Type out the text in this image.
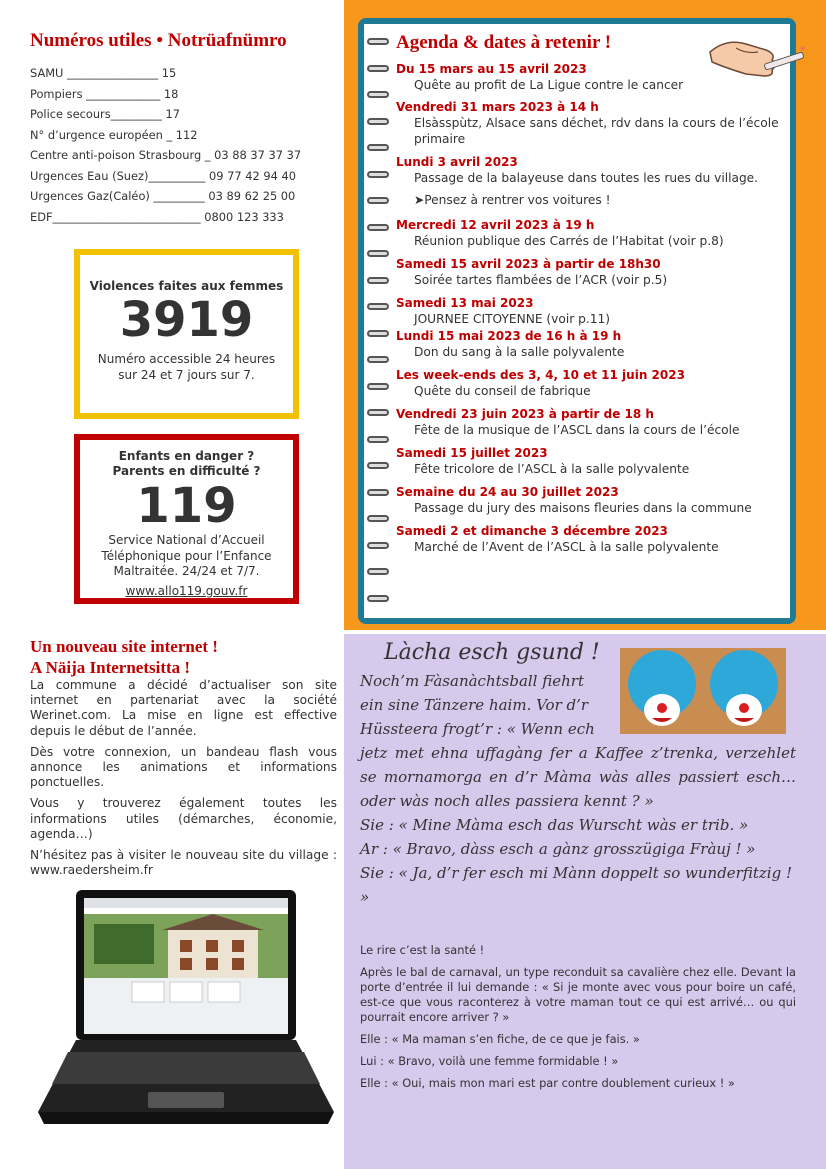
Numéros utiles • Notrüafnümro
SAMU ________________ 15
Pompiers _____________ 18
Police secours_________ 17
N° d’urgence européen _ 112
Centre anti-poison Strasbourg _ 03 88 37 37 37
Urgences Eau (Suez)__________ 09 77 42 94 40
Urgences Gaz(Caléo) _________ 03 89 62 25 00
EDF__________________________ 0800 123 333
Violences faites aux femmes
3919
Numéro accessible 24 heures sur 24 et 7 jours sur 7.
Enfants en danger ?
Parents en difficulté ?
119
Service National d’Accueil Téléphonique pour l’Enfance Maltraitée. 24/24 et 7/7.
www.allo119.gouv.fr
Agenda & dates à retenir !
Du 15 mars au 15 avril 2023
Quête au profit de La Ligue contre le cancer
Vendredi 31 mars 2023 à 14 h
Elsàsspùtz, Alsace sans déchet, rdv dans la cours de l’école primaire
Lundi 3 avril 2023
Passage de la balayeuse dans toutes les rues du village.
➤Pensez à rentrer vos voitures !
Mercredi 12 avril 2023 à 19 h
Réunion publique des Carrés de l’Habitat (voir p.8)
Samedi 15 avril 2023 à partir de 18h30
Soirée tartes flambées de l’ACR (voir p.5)
Samedi 13 mai 2023
JOURNEE CITOYENNE (voir p.11)
Lundi 15 mai 2023 de 16 h à 19 h
Don du sang à la salle polyvalente
Les week-ends des 3, 4, 10 et 11 juin 2023
Quête du conseil de fabrique
Vendredi 23 juin 2023 à partir de 18 h
Fête de la musique de l’ASCL dans la cours de l’école
Samedi 15 juillet 2023
Fête tricolore de l’ASCL à la salle polyvalente
Semaine du 24 au 30 juillet 2023
Passage du jury des maisons fleuries dans la commune
Samedi 2 et dimanche 3 décembre 2023
Marché de l’Avent de l’ASCL à la salle polyvalente
Un nouveau site internet !
A Näija Internetsitta !

La commune a décidé d’actualiser son site internet en partenariat avec la société Werinet.com. La mise en ligne est effective depuis le début de l’année.

Dès votre connexion, un bandeau flash vous annonce les animations et informations ponctuelles.

Vous y trouverez également toutes les informations utiles (démarches, économie, agenda…)

N’hésitez pas à visiter le nouveau site du village : www.raedersheim.fr

Làcha esch gsund !
Noch’m Fàsanàchtsball fiehrt
ein sine Tänzere haim. Vor d’r
Hüssteera frogt’r : « Wenn ech
jetz met ehna uffagàng fer a Kaffee z’trenka, verzehlet se mornamorga en d’r Màma wàs alles passiert esch… oder wàs noch alles passiera kennt ? »
Sie : « Mine Màma esch das Wurscht wàs er trib. »
Ar : « Bravo, dàss esch a gànz grosszügiga Fràuj ! »
Sie : « Ja, d’r fer esch mi Mànn doppelt so wunderfitzig ! »

Le rire c’est la santé !

Après le bal de carnaval, un type reconduit sa cavalière chez elle. Devant la porte d’entrée il lui demande : « Si je monte avec vous pour boire un café, est-ce que vous raconterez à votre maman tout ce qui est arrivé… ou qui pourrait encore arriver ? »

Elle : « Ma maman s’en fiche, de ce que je fais. »

Lui : « Bravo, voilà une femme formidable ! »

Elle : « Oui, mais mon mari est par contre doublement curieux ! »
